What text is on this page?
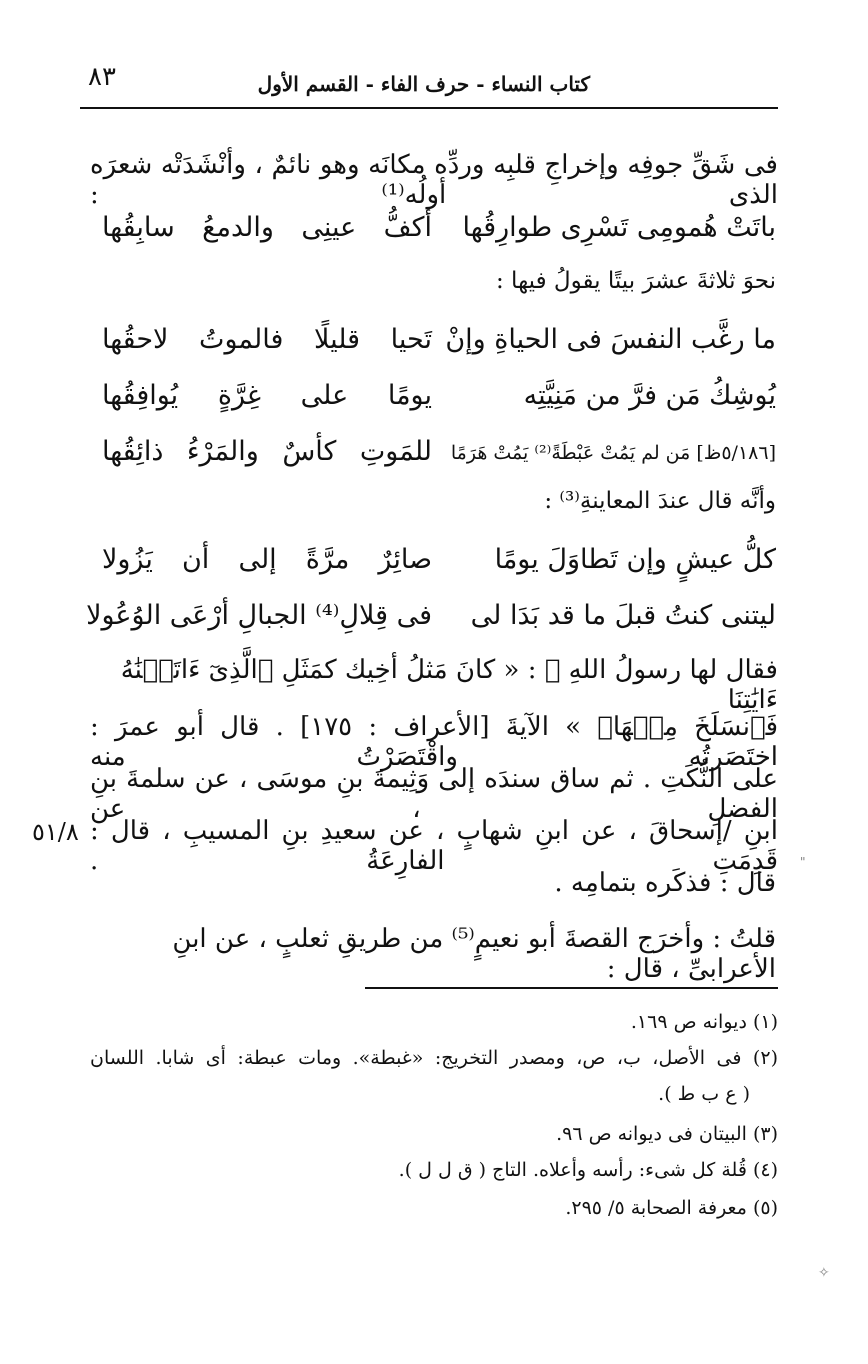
٨٣	كتاب النساء - حرف الفاء - القسم الأول
فى شَقِّ جوفِه وإخراجِ قلبِه وردِّه مكانَه وهو نائمٌ ، وأنْشَدَتْه شعرَه الذى أولُه⁽¹⁾ :
باتَتْ هُمومِى تَسْرِى طوارِقُها
أكفُّ عينِى والدمعُ سابِقُها
نحوَ ثلاثةَ عشرَ بيتًا يقولُ فيها :
ما رغَّب النفسَ فى الحياةِ وإنْ
تَحيا قليلًا فالموتُ لاحقُها
يُوشِكُ مَن فرَّ من مَنِيَّتِه
يومًا على غِرَّةٍ يُوافِقُها
[٥/١٨٦ظ] مَن لم يَمُتْ عَبْطَةً⁽²⁾ يَمُتْ هَرَمًا
للمَوتِ كأسٌ والمَرْءُ ذائِقُها
وأنَّه قال عندَ المعاينةِ⁽³⁾ :
كلُّ عيشٍ وإن تَطاوَلَ يومًا
صائِرٌ مرَّةً إلى أن يَزُولا
ليتنى كنتُ قبلَ ما قد بَدَا لى
فى قِلالِ⁽⁴⁾ الجبالِ أرْعَى الوُعُولا
فقال لها رسولُ اللهِ ﷺ : « كانَ مَثلُ أخِيك كمَثَلِ ﴿الَّذِىٓ ءَاتَيۡنَٰهُ ءَايَٰتِنَا
فَٱنسَلَخَ مِنۡهَا﴾ » الآيةَ [الأعراف : ١٧٥] . قال أبو عمرَ : اختَصَرتُه واقْتَصَرْتُ منه
على النُّكَتِ . ثم ساق سندَه إلى وَثِيمةَ بنِ موسَى ، عن سلمةَ بنِ الفضلِ ، عن
ابنِ /إسحاقَ ، عن ابنِ شهابٍ ، عن سعيدِ بنِ المسيبِ ، قال : قَدِمَتِ الفارِعَةُ .
٥١/٨
"
قال : فذكَره بتمامِه .
قلتُ : وأخرَج القصةَ أبو نعيمٍ⁽⁵⁾ من طريقِ ثعلبٍ ، عن ابنِ الأعرابىِّ ، قال :
(١) ديوانه ص ١٦٩.
(٢) فى الأصل، ب، ص، ومصدر التخريج: «غبطة». ومات عبطة: أى شابا. اللسان
( ع ب ط ).
(٣) البيتان فى ديوانه ص ٩٦.
(٤) قُلة كل شىء: رأسه وأعلاه. التاج ( ق ل ل ).
(٥) معرفة الصحابة ٥/ ٢٩٥.
✧
